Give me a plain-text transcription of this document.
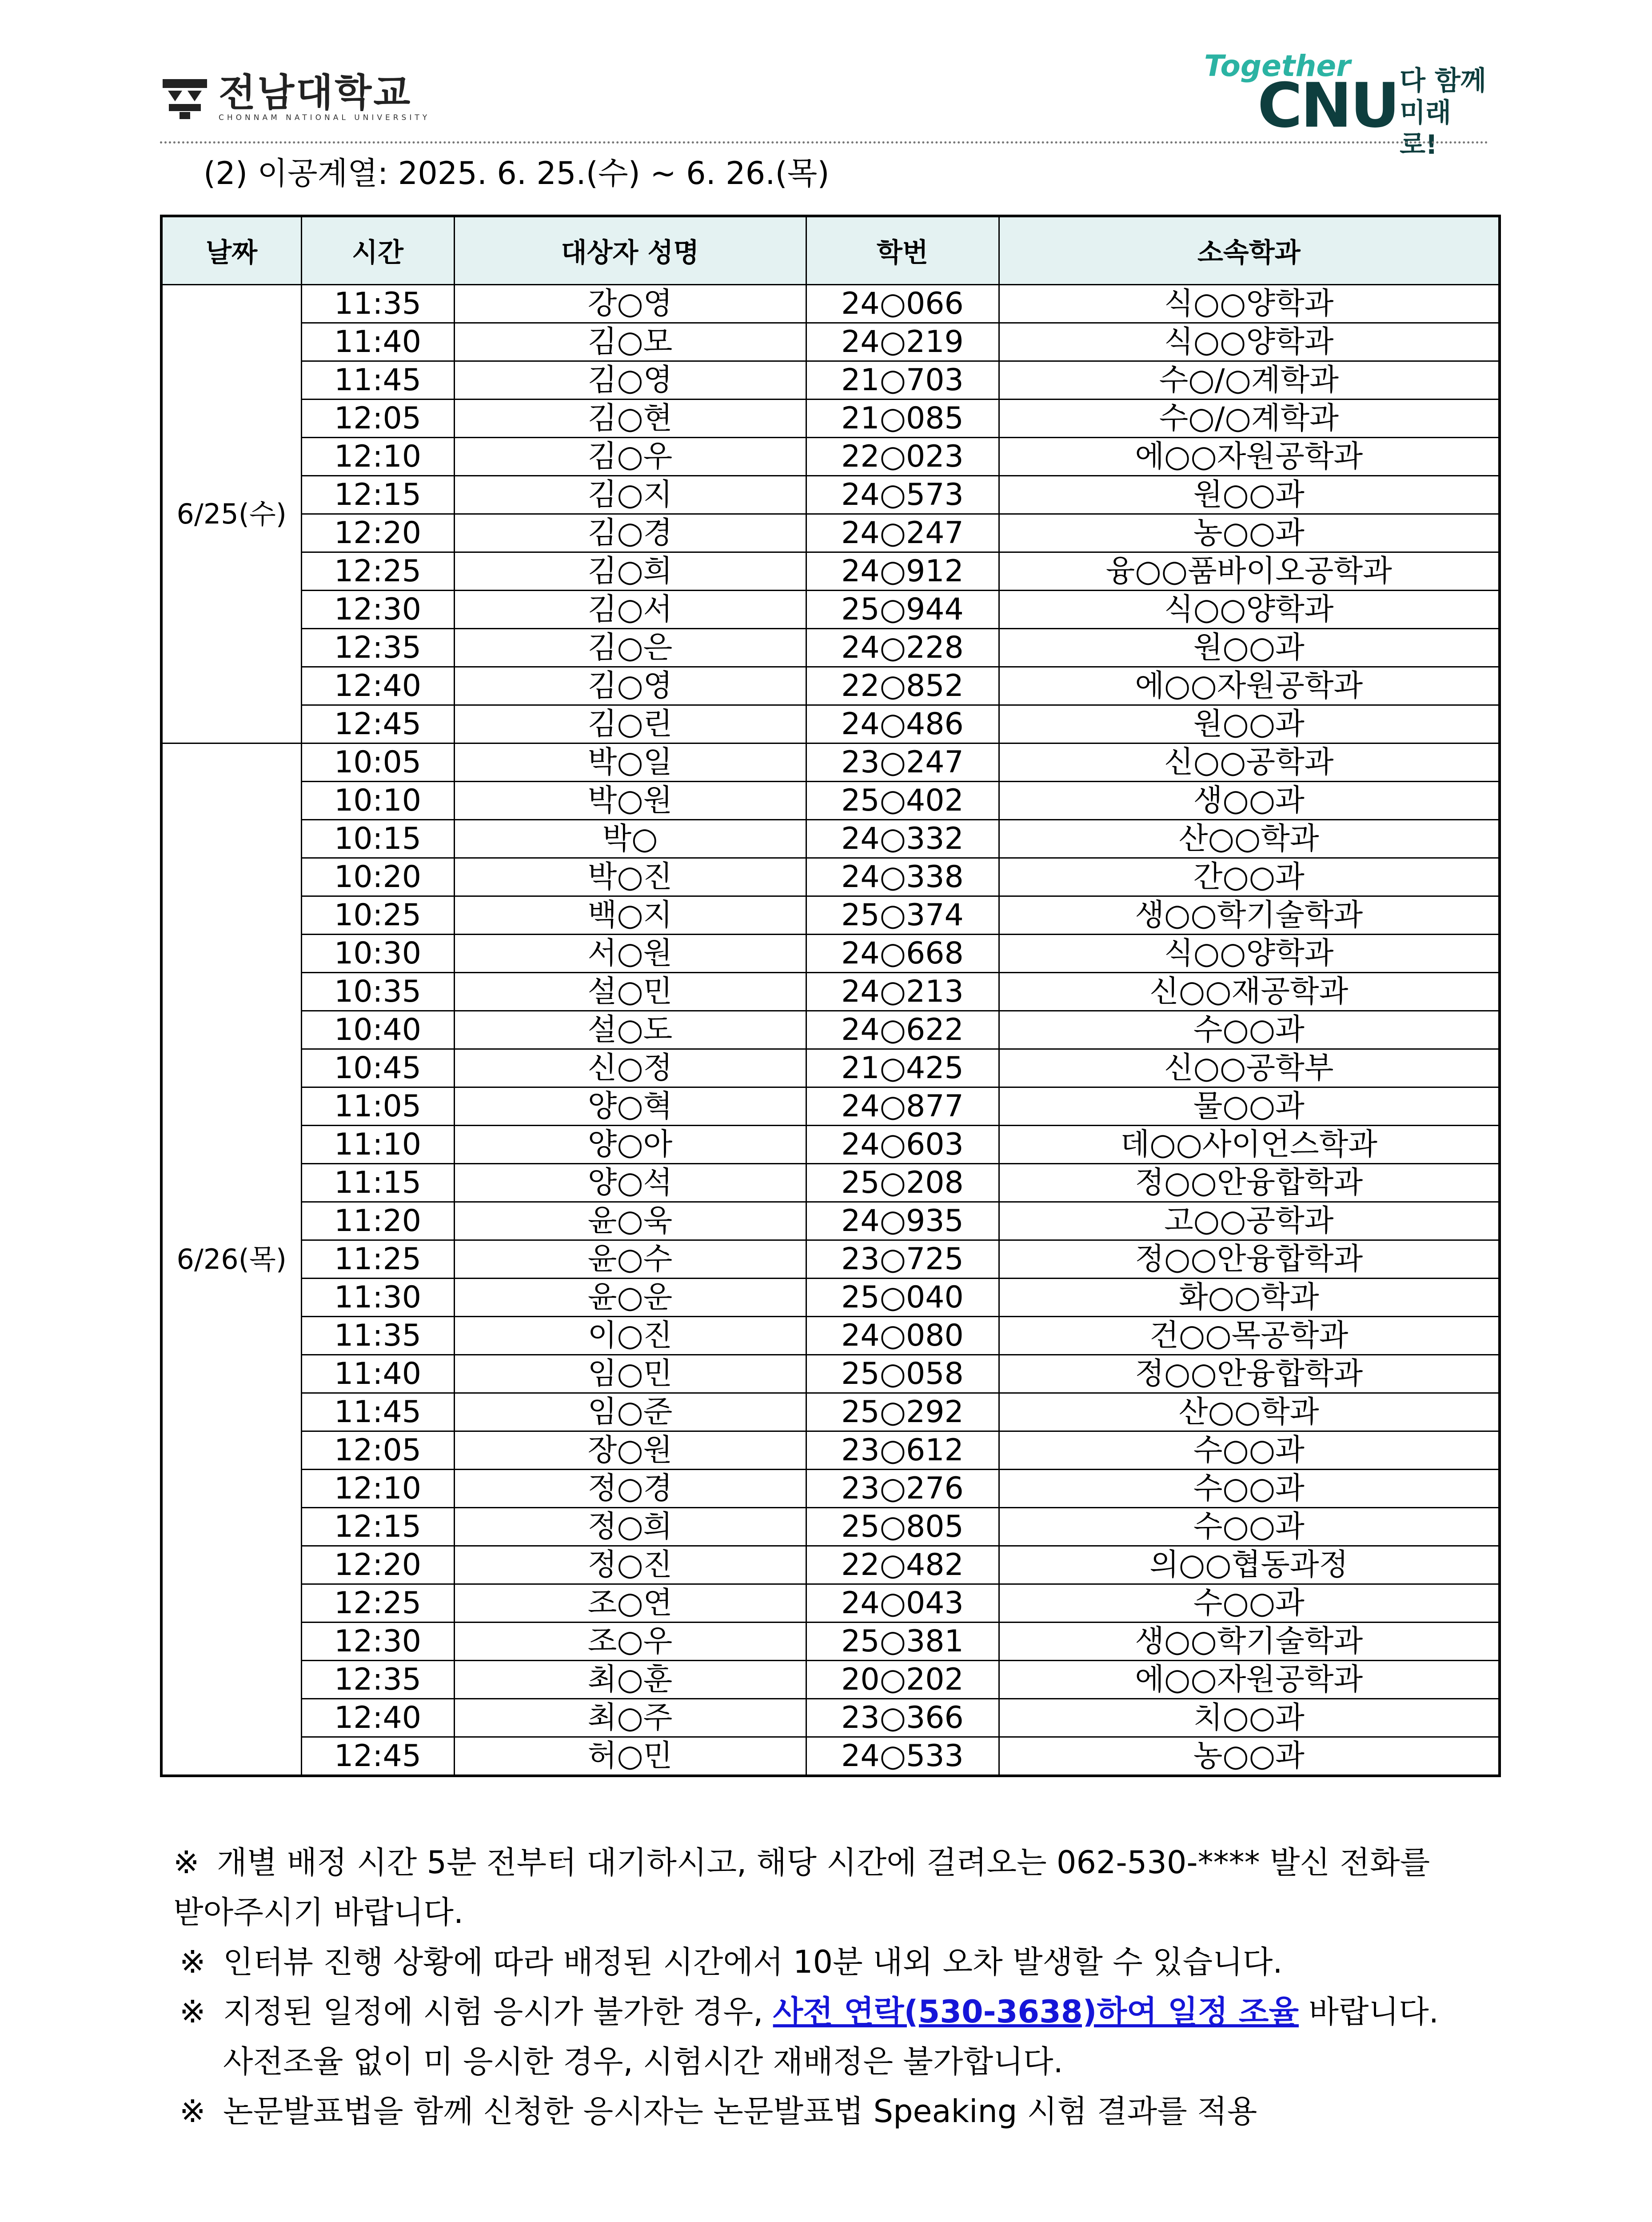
전남대학교
CHONNAM NATIONAL UNIVERSITY
Together
CNU 다 함께
미래로!
(2) 이공계열: 2025. 6. 25.(수) ~ 6. 26.(목)
날짜	시간	대상자 성명	학번	소속학과
6/25(수)	11:35	강○영	24○066	식○○양학과
	11:40	김○모	24○219	식○○양학과
	11:45	김○영	21○703	수○/○계학과
	12:05	김○현	21○085	수○/○계학과
	12:10	김○우	22○023	에○○자원공학과
	12:15	김○지	24○573	원○○과
	12:20	김○경	24○247	농○○과
	12:25	김○희	24○912	융○○품바이오공학과
	12:30	김○서	25○944	식○○양학과
	12:35	김○은	24○228	원○○과
	12:40	김○영	22○852	에○○자원공학과
	12:45	김○린	24○486	원○○과
6/26(목)	10:05	박○일	23○247	신○○공학과
	10:10	박○원	25○402	생○○과
	10:15	박○	24○332	산○○학과
	10:20	박○진	24○338	간○○과
	10:25	백○지	25○374	생○○학기술학과
	10:30	서○원	24○668	식○○양학과
	10:35	설○민	24○213	신○○재공학과
	10:40	설○도	24○622	수○○과
	10:45	신○정	21○425	신○○공학부
	11:05	양○혁	24○877	물○○과
	11:10	양○아	24○603	데○○사이언스학과
	11:15	양○석	25○208	정○○안융합학과
	11:20	윤○욱	24○935	고○○공학과
	11:25	윤○수	23○725	정○○안융합학과
	11:30	윤○운	25○040	화○○학과
	11:35	이○진	24○080	건○○목공학과
	11:40	임○민	25○058	정○○안융합학과
	11:45	임○준	25○292	산○○학과
	12:05	장○원	23○612	수○○과
	12:10	정○경	23○276	수○○과
	12:15	정○희	25○805	수○○과
	12:20	정○진	22○482	의○○협동과정
	12:25	조○연	24○043	수○○과
	12:30	조○우	25○381	생○○학기술학과
	12:35	최○훈	20○202	에○○자원공학과
	12:40	최○주	23○366	치○○과
	12:45	허○민	24○533	농○○과
※ 개별 배정 시간 5분 전부터 대기하시고, 해당 시간에 걸려오는 062-530-**** 발신 전화를
받아주시기 바랍니다.
※ 인터뷰 진행 상황에 따라 배정된 시간에서 10분 내외 오차 발생할 수 있습니다.
※ 지정된 일정에 시험 응시가 불가한 경우, 사전 연락(530-3638)하여 일정 조율 바랍니다.
사전조율 없이 미 응시한 경우, 시험시간 재배정은 불가합니다.
※ 논문발표법을 함께 신청한 응시자는 논문발표법 Speaking 시험 결과를 적용
